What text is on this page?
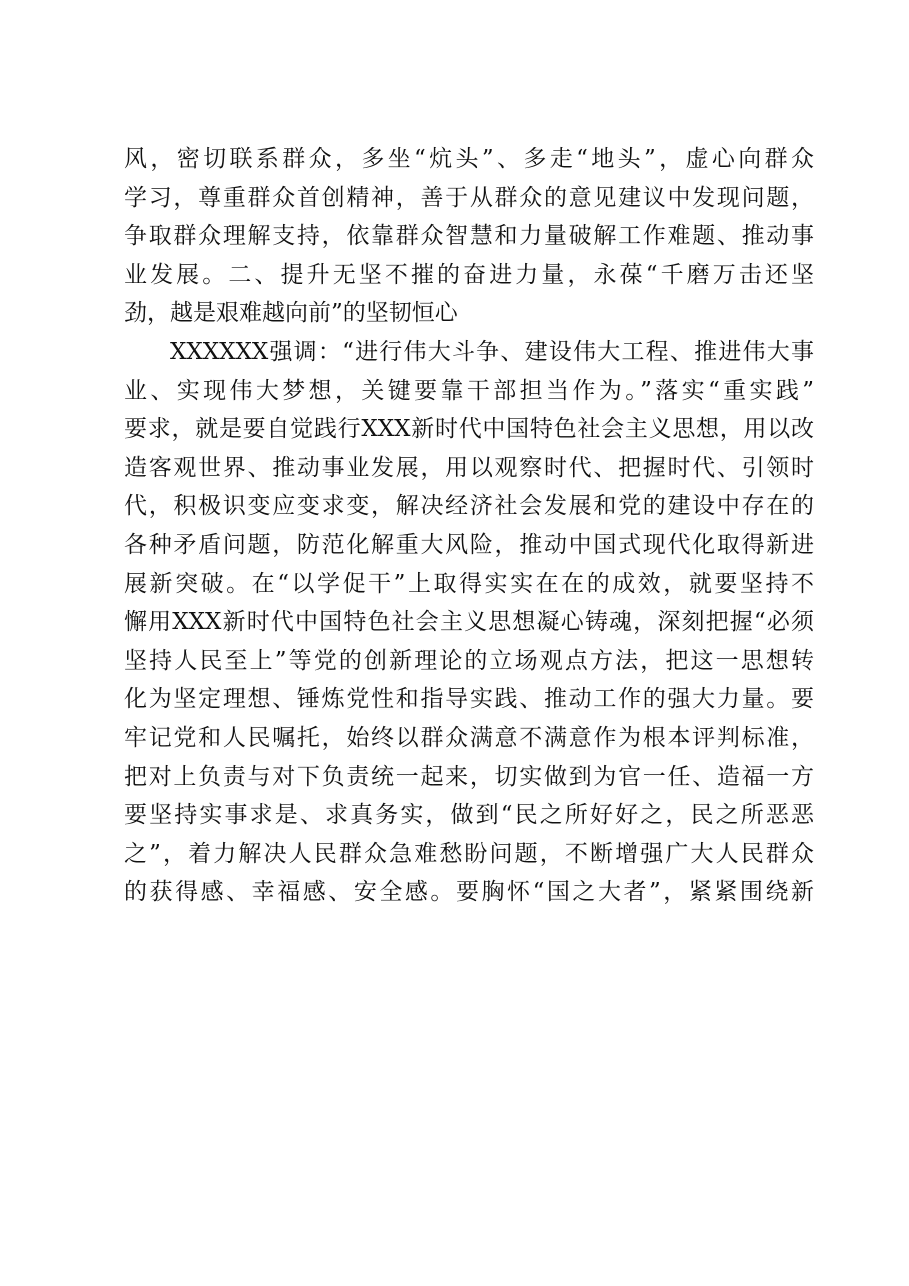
风，密切联系群众，多坐“炕头”、多走“地头”，虚心向群众
学习，尊重群众首创精神，善于从群众的意见建议中发现问题，
争取群众理解支持，依靠群众智慧和力量破解工作难题、推动事
业发展。二、提升无坚不摧的奋进力量，永葆“千磨万击还坚
劲，越是艰难越向前”的坚韧恒心
XXXXXX强调：“进行伟大斗争、建设伟大工程、推进伟大事
业、实现伟大梦想，关键要靠干部担当作为。”落实“重实践”
要求，就是要自觉践行XXX新时代中国特色社会主义思想，用以改
造客观世界、推动事业发展，用以观察时代、把握时代、引领时
代，积极识变应变求变，解决经济社会发展和党的建设中存在的
各种矛盾问题，防范化解重大风险，推动中国式现代化取得新进
展新突破。在“以学促干”上取得实实在在的成效，就要坚持不
懈用XXX新时代中国特色社会主义思想凝心铸魂，深刻把握“必须
坚持人民至上”等党的创新理论的立场观点方法，把这一思想转
化为坚定理想、锤炼党性和指导实践、推动工作的强大力量。要
牢记党和人民嘱托，始终以群众满意不满意作为根本评判标准，
把对上负责与对下负责统一起来，切实做到为官一任、造福一方
要坚持实事求是、求真务实，做到“民之所好好之，民之所恶恶
之”，着力解决人民群众急难愁盼问题，不断增强广大人民群众
的获得感、幸福感、安全感。要胸怀“国之大者”，紧紧围绕新
